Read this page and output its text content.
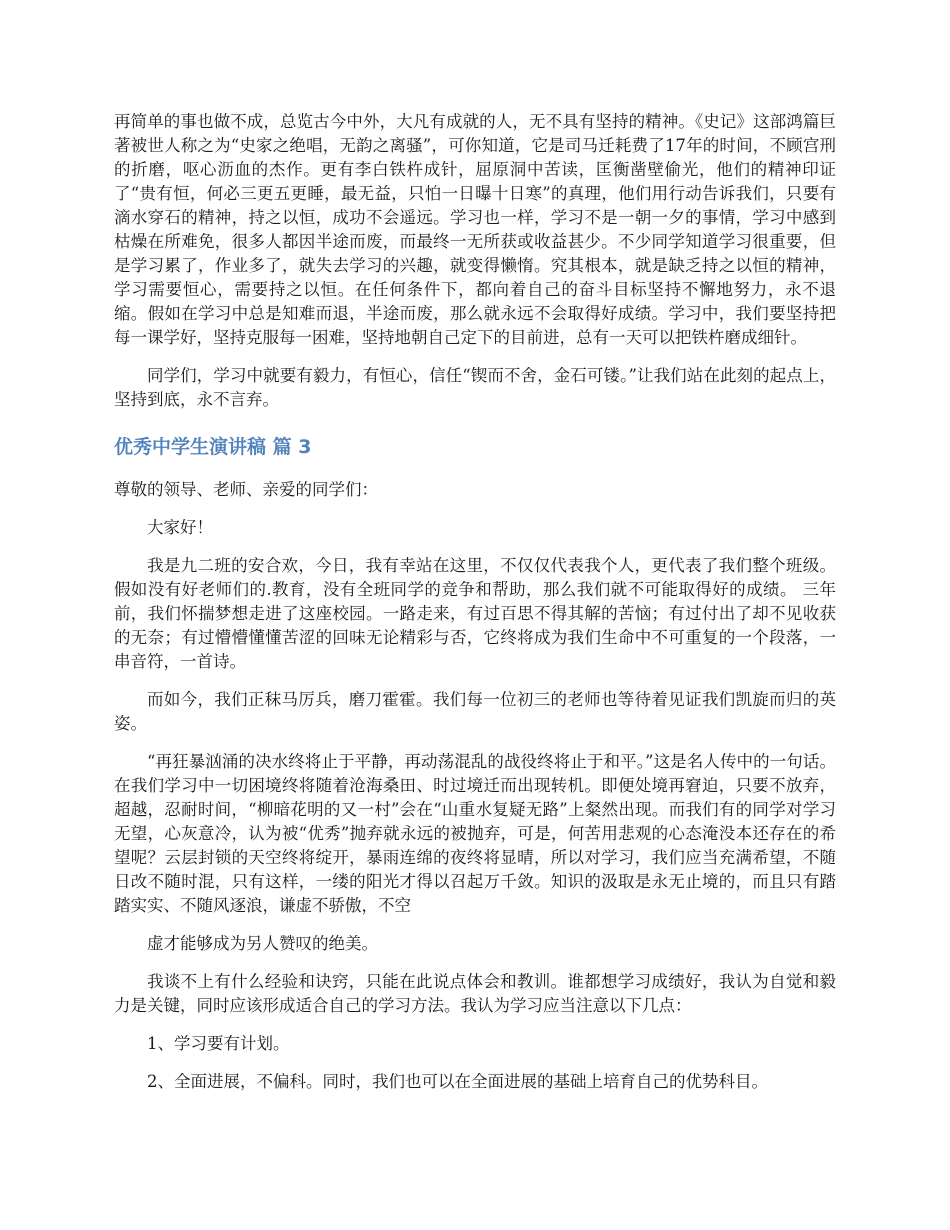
再简单的事也做不成，总览古今中外，大凡有成就的人，无不具有坚持的精神。《史记》这部鸿篇巨著被世人称之为“史家之绝唱，无韵之离骚”，可你知道，它是司马迁耗费了17年的时间，不顾宫刑的折磨，呕心沥血的杰作。更有李白铁杵成针，屈原洞中苦读，匡衡凿壁偷光，他们的精神印证了“贵有恒，何必三更五更睡，最无益，只怕一日曝十日寒”的真理，他们用行动告诉我们，只要有滴水穿石的精神，持之以恒，成功不会遥远。学习也一样，学习不是一朝一夕的事情，学习中感到枯燥在所难免，很多人都因半途而废，而最终一无所获或收益甚少。不少同学知道学习很重要，但是学习累了，作业多了，就失去学习的兴趣，就变得懒惰。究其根本，就是缺乏持之以恒的精神，学习需要恒心，需要持之以恒。在任何条件下，都向着自己的奋斗目标坚持不懈地努力，永不退缩。假如在学习中总是知难而退，半途而废，那么就永远不会取得好成绩。学习中，我们要坚持把每一课学好，坚持克服每一困难，坚持地朝自己定下的目前进，总有一天可以把铁杵磨成细针。

同学们，学习中就要有毅力，有恒心，信任“锲而不舍，金石可镂。”让我们站在此刻的起点上，坚持到底，永不言弃。

优秀中学生演讲稿 篇 3

尊敬的领导、老师、亲爱的同学们：

大家好！

我是九二班的安合欢，今日，我有幸站在这里，不仅仅代表我个人，更代表了我们整个班级。假如没有好老师们的.教育，没有全班同学的竞争和帮助，那么我们就不可能取得好的成绩。 三年前，我们怀揣梦想走进了这座校园。一路走来，有过百思不得其解的苦恼；有过付出了却不见收获的无奈；有过懵懵懂懂苦涩的回味无论精彩与否，它终将成为我们生命中不可重复的一个段落，一串音符，一首诗。

而如今，我们正秣马厉兵，磨刀霍霍。我们每一位初三的老师也等待着见证我们凯旋而归的英姿。

“再狂暴汹涌的决水终将止于平静，再动荡混乱的战役终将止于和平。”这是名人传中的一句话。在我们学习中一切困境终将随着沧海桑田、时过境迁而出现转机。即便处境再窘迫，只要不放弃，超越，忍耐时间，“柳暗花明的又一村”会在“山重水复疑无路”上粲然出现。而我们有的同学对学习无望，心灰意冷，认为被“优秀”抛弃就永远的被抛弃，可是，何苦用悲观的心态淹没本还存在的希望呢？云层封锁的天空终将绽开，暴雨连绵的夜终将显晴，所以对学习，我们应当充满希望，不随日改不随时混，只有这样，一缕的阳光才得以召起万千敛。知识的汲取是永无止境的，而且只有踏踏实实、不随风逐浪，谦虚不骄傲，不空

虚才能够成为另人赞叹的绝美。

我谈不上有什么经验和诀窍，只能在此说点体会和教训。谁都想学习成绩好，我认为自觉和毅力是关键，同时应该形成适合自己的学习方法。我认为学习应当注意以下几点：

1、学习要有计划。

2、全面进展，不偏科。同时，我们也可以在全面进展的基础上培育自己的优势科目。
